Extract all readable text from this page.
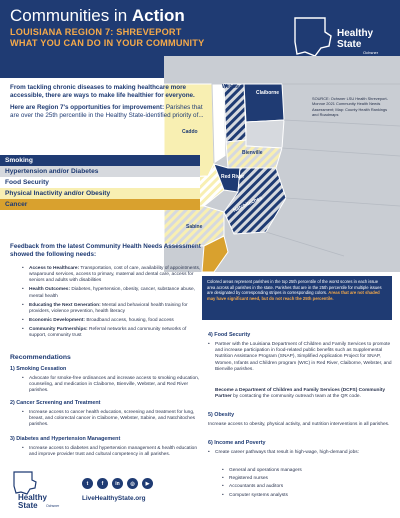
Communities in Action
LOUISIANA REGION 7: SHREVEPORT
WHAT YOU CAN DO IN YOUR COMMUNITY
Healthy
State
Ochsner
Caddo
Webster
Claiborne
Bienville
Red River
Natchitoches
Sabine
SOURCE: Ochsner LSU Health Shreveport-Monroe 2021 Community Health Needs Assessment; Map: County Health Rankings and Roadmaps

From tackling chronic diseases to making healthcare more accessible, there are ways to make life healthier for everyone.

Here are Region 7's opportunities for improvement: Parishes that are over the 25th percentile in the Healthy State-identified priority of...

Smoking
Hypertension and/or Diabetes
Food Security
Physical Inactivity and/or Obesity
Cancer
Feedback from the latest Community Health Needs Assessment showed the following needs:
• Access to Healthcare: Transportation, cost of care, availability of appointments, wraparound services, access to primary, maternal and dental care, access for seniors and adults with disabilities
• Health Outcomes: Diabetes, hypertension, obesity, cancer, substance abuse, mental health
• Educating the Next Generation: Mental and behavioral health training for providers, violence prevention, health literacy
• Economic Development: Broadband access, housing, food access
• Community Partnerships: Referral networks and community networks of support, community trust
Colored areas represent parishes in the top 25th percentile of the worst scores in each issue area across all parishes in the state. Parishes that are in the 25th percentile for multiple issues are designated by corresponding stripes in corresponding colors. Areas that are not shaded may have significant need, but do not reach the 25th percentile.
Recommendations
1) Smoking Cessation
• Advocate for smoke-free ordinances and increase access to smoking education, counseling, and medication in Claiborne, Bienville, Webster, and Red River parishes.
2) Cancer Screening and Treatment
• Increase access to cancer health education, screening and treatment for lung, breast, and colorectal cancer in Claiborne, Webster, Sabine, and Natchitoches parishes.
3) Diabetes and Hypertension Management
• Increase access to diabetes and hypertension management & health education and improve provider trust and cultural competency in all parishes.
4) Food Security
• Partner with the Louisiana Department of Children and Family Services to promote and increase participation in food-related public benefits such as Supplemental Nutrition Assistance Program (SNAP), Simplified Application Project for SNAP, Women, Infants and Children program (WIC) in Red River, Claiborne, Webster, and Bienville parishes.

Become a Department of Children and Family Services (DCFS) Community Partner by contacting the community outreach team at the QR code.

5) Obesity

Increase access to obesity, physical activity, and nutrition interventions in all parishes.

6) Income and Poverty
• Create career pathways that result in high-wage, high-demand jobs:
• General and operations managers
• Registered nurses
• Accountants and auditors
• Computer systems analysts
Healthy
State Ochsner
t	f	in	◎	▶
LiveHealthyState.org
